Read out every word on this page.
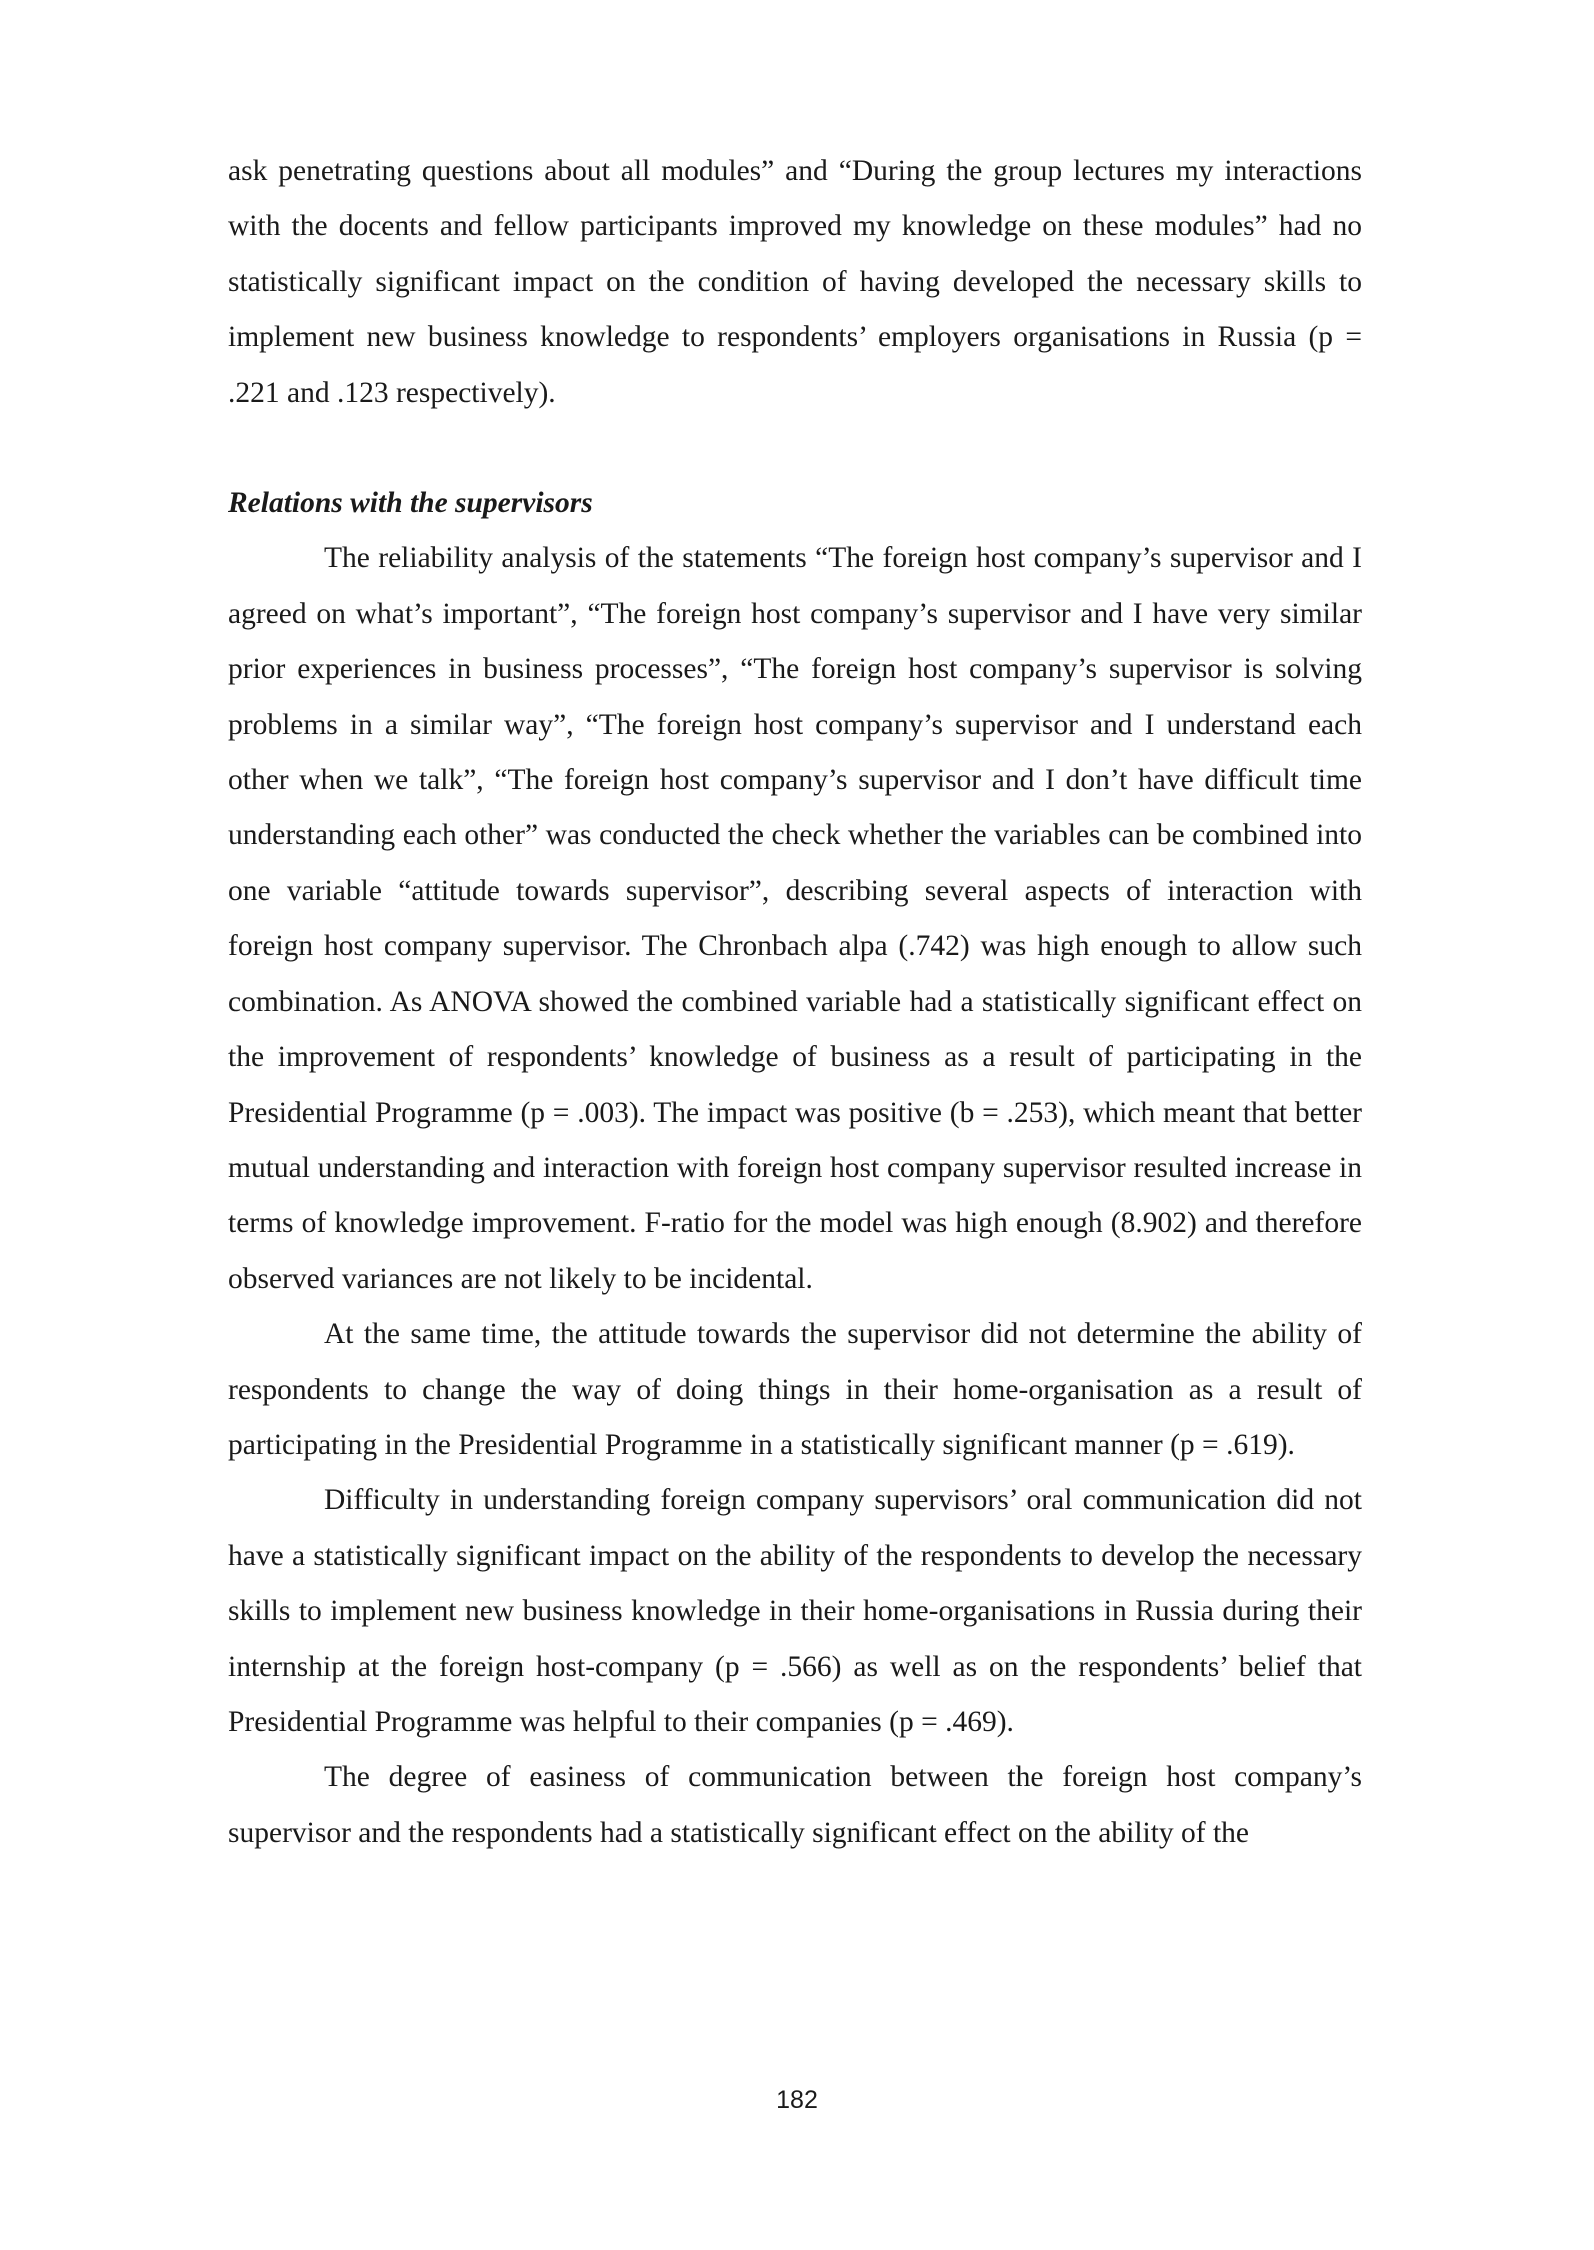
ask penetrating questions about all modules” and “During the group lectures my interactions with the docents and fellow participants improved my knowledge on these modules” had no statistically significant impact on the condition of having developed the necessary skills to implement new business knowledge to respondents’ employers organisations in Russia (p = .221 and .123 respectively).

Relations with the supervisors

The reliability analysis of the statements “The foreign host company’s supervisor and I agreed on what’s important”, “The foreign host company’s supervisor and I have very similar prior experiences in business processes”, “The foreign host company’s supervisor is solving problems in a similar way”, “The foreign host company’s supervisor and I understand each other when we talk”, “The foreign host company’s supervisor and I don’t have difficult time understanding each other” was conducted the check whether the variables can be combined into one variable “attitude towards supervisor”, describing several aspects of interaction with foreign host company supervisor. The Chronbach alpa (.742) was high enough to allow such combination. As ANOVA showed the combined variable had a statistically significant effect on the improvement of respondents’ knowledge of business as a result of participating in the Presidential Programme (p = .003). The impact was positive (b = .253), which meant that better mutual understanding and interaction with foreign host company supervisor resulted increase in terms of knowledge improvement. F-ratio for the model was high enough (8.902) and therefore observed variances are not likely to be incidental.

At the same time, the attitude towards the supervisor did not determine the ability of respondents to change the way of doing things in their home-organisation as a result of participating in the Presidential Programme in a statistically significant manner (p = .619).

Difficulty in understanding foreign company supervisors’ oral communication did not have a statistically significant impact on the ability of the respondents to develop the necessary skills to implement new business knowledge in their home-organisations in Russia during their internship at the foreign host-company (p = .566) as well as on the respondents’ belief that Presidential Programme was helpful to their companies (p = .469).

The degree of easiness of communication between the foreign host company’s supervisor and the respondents had a statistically significant effect on the ability of the

182
